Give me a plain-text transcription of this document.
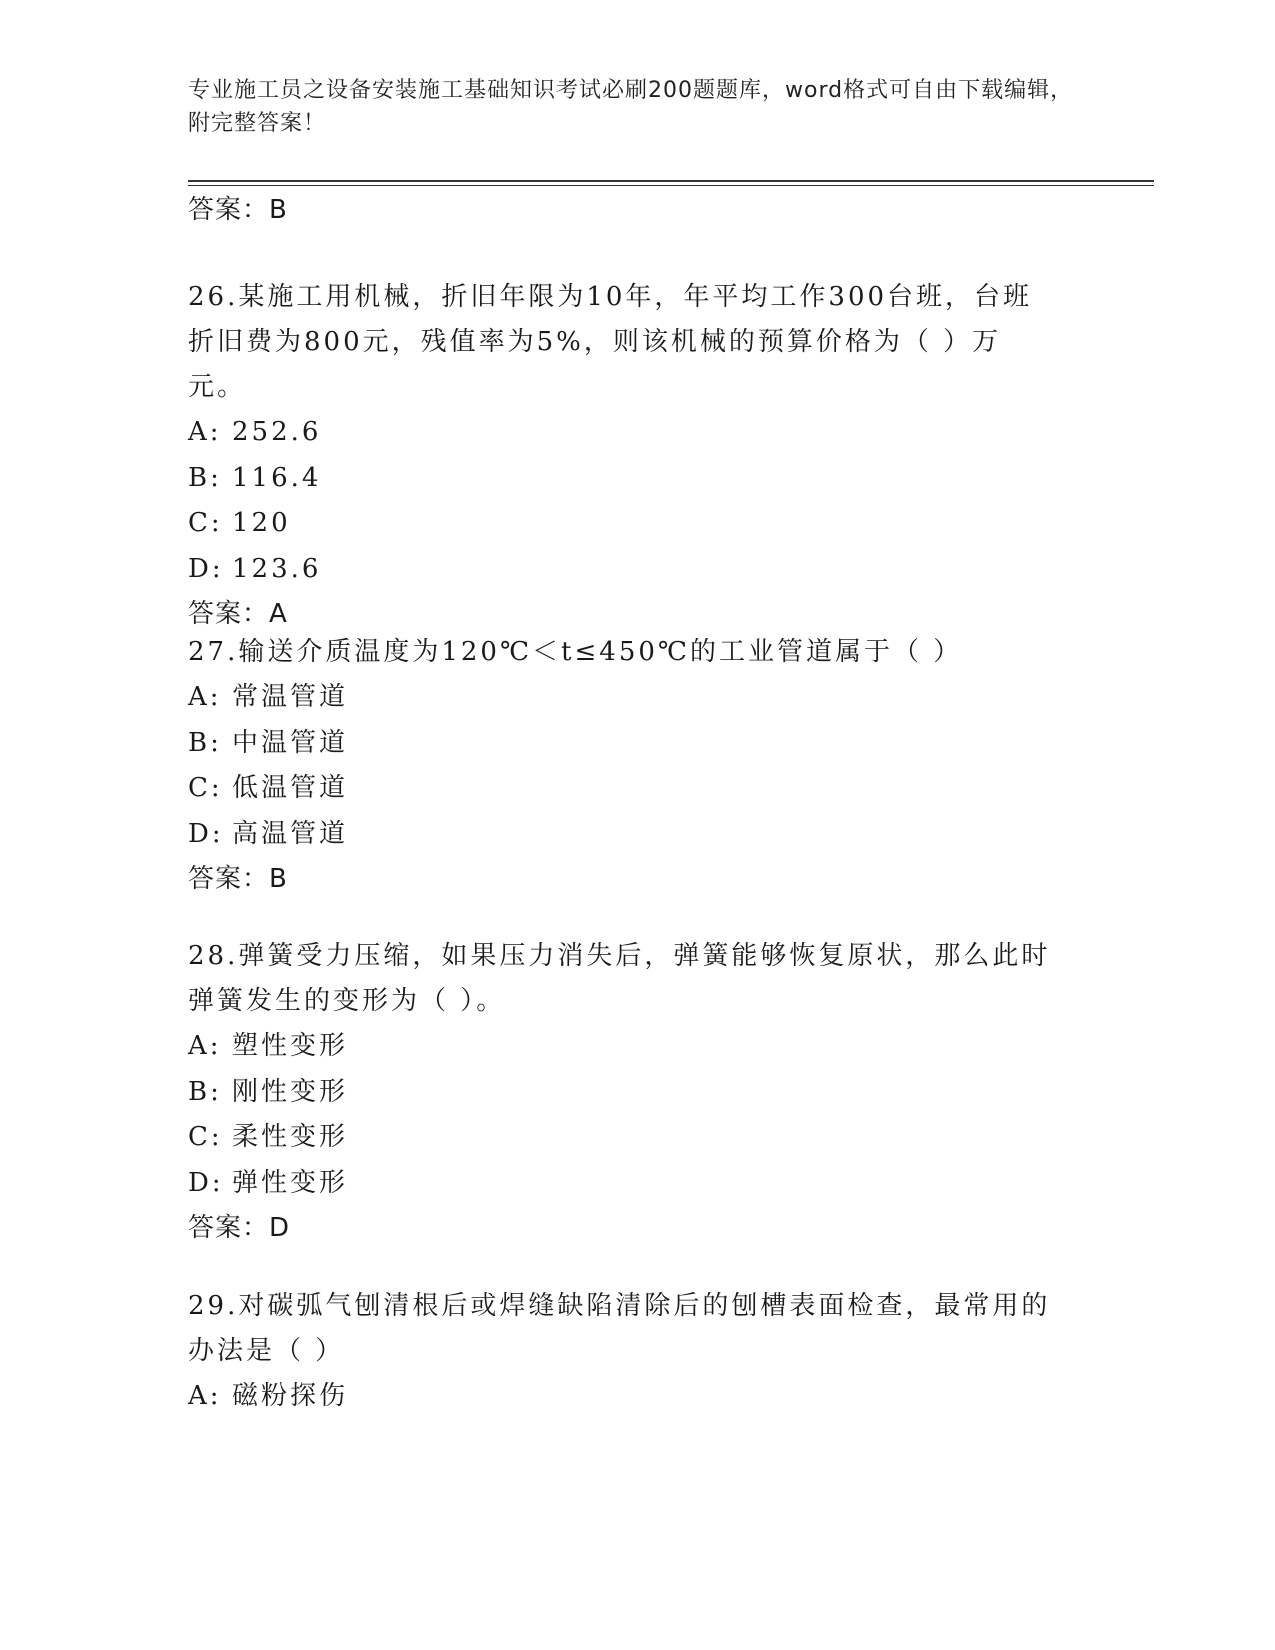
专业施工员之设备安装施工基础知识考试必刷200题题库，word格式可自由下载编辑，附完整答案！
答案：B
26.某施工用机械，折旧年限为10年，年平均工作300台班，台班折旧费为800元，残值率为5%，则该机械的预算价格为（ ）万元。
A: 252.6
B: 116.4
C: 120
D: 123.6
答案：A
27.输送介质温度为120℃＜t≤450℃的工业管道属于（ ）
A: 常温管道
B: 中温管道
C: 低温管道
D: 高温管道
答案：B
28.弹簧受力压缩，如果压力消失后，弹簧能够恢复原状，那么此时弹簧发生的变形为（ ）。
A: 塑性变形
B: 刚性变形
C: 柔性变形
D: 弹性变形
答案：D
29.对碳弧气刨清根后或焊缝缺陷清除后的刨槽表面检查，最常用的办法是（ ）
A: 磁粉探伤
